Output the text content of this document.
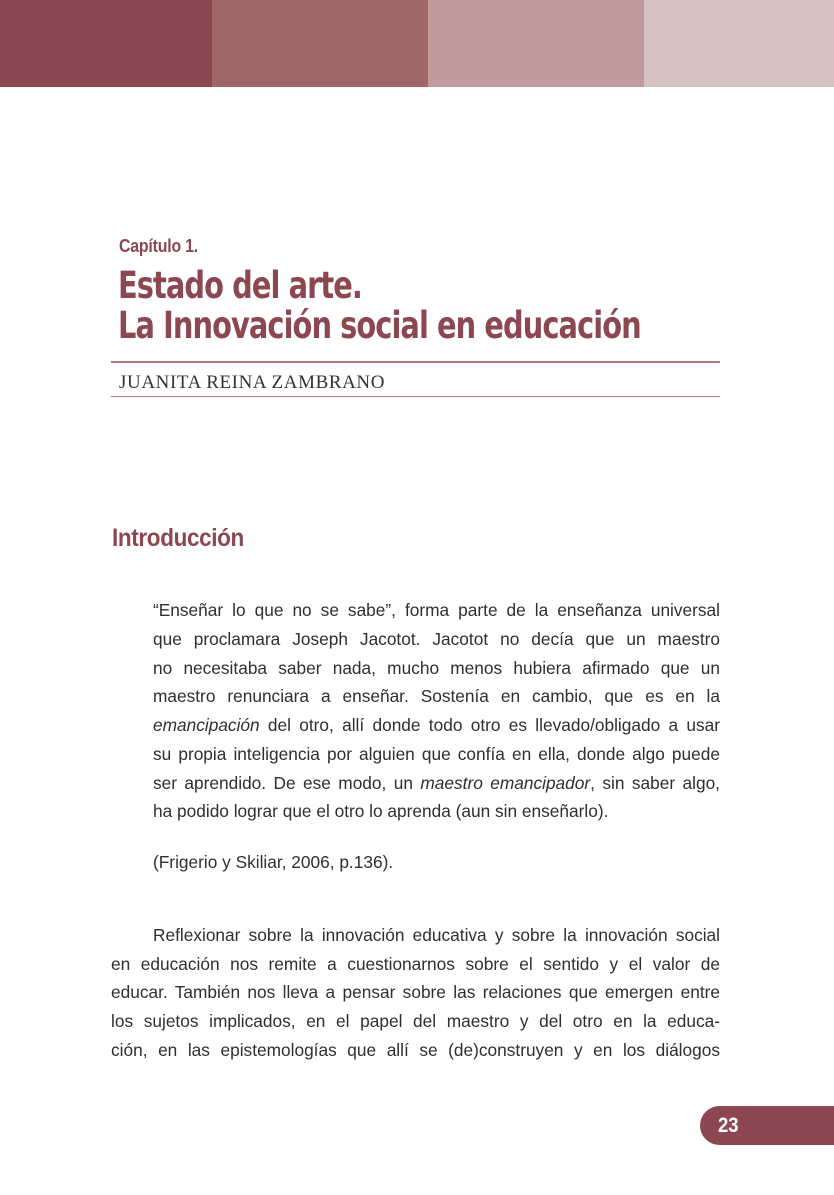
Capítulo 1.
Estado del arte.
La Innovación social en educación
JUANITA REINA ZAMBRANO
Introducción
“Enseñar lo que no se sabe”, forma parte de la enseñanza universal
que proclamara Joseph Jacotot. Jacotot no decía que un maestro
no necesitaba saber nada, mucho menos hubiera afirmado que un
maestro renunciara a enseñar. Sostenía en cambio, que es en la
emancipación del otro, allí donde todo otro es llevado/obligado a usar
su propia inteligencia por alguien que confía en ella, donde algo puede
ser aprendido. De ese modo, un maestro emancipador, sin saber algo,
ha podido lograr que el otro lo aprenda (aun sin enseñarlo).
(Frigerio y Skiliar, 2006, p.136).
Reflexionar sobre la innovación educativa y sobre la innovación social
en educación nos remite a cuestionarnos sobre el sentido y el valor de
educar. También nos lleva a pensar sobre las relaciones que emergen entre
los sujetos implicados, en el papel del maestro y del otro en la educa-
ción, en las epistemologías que allí se (de)construyen y en los diálogos
23
